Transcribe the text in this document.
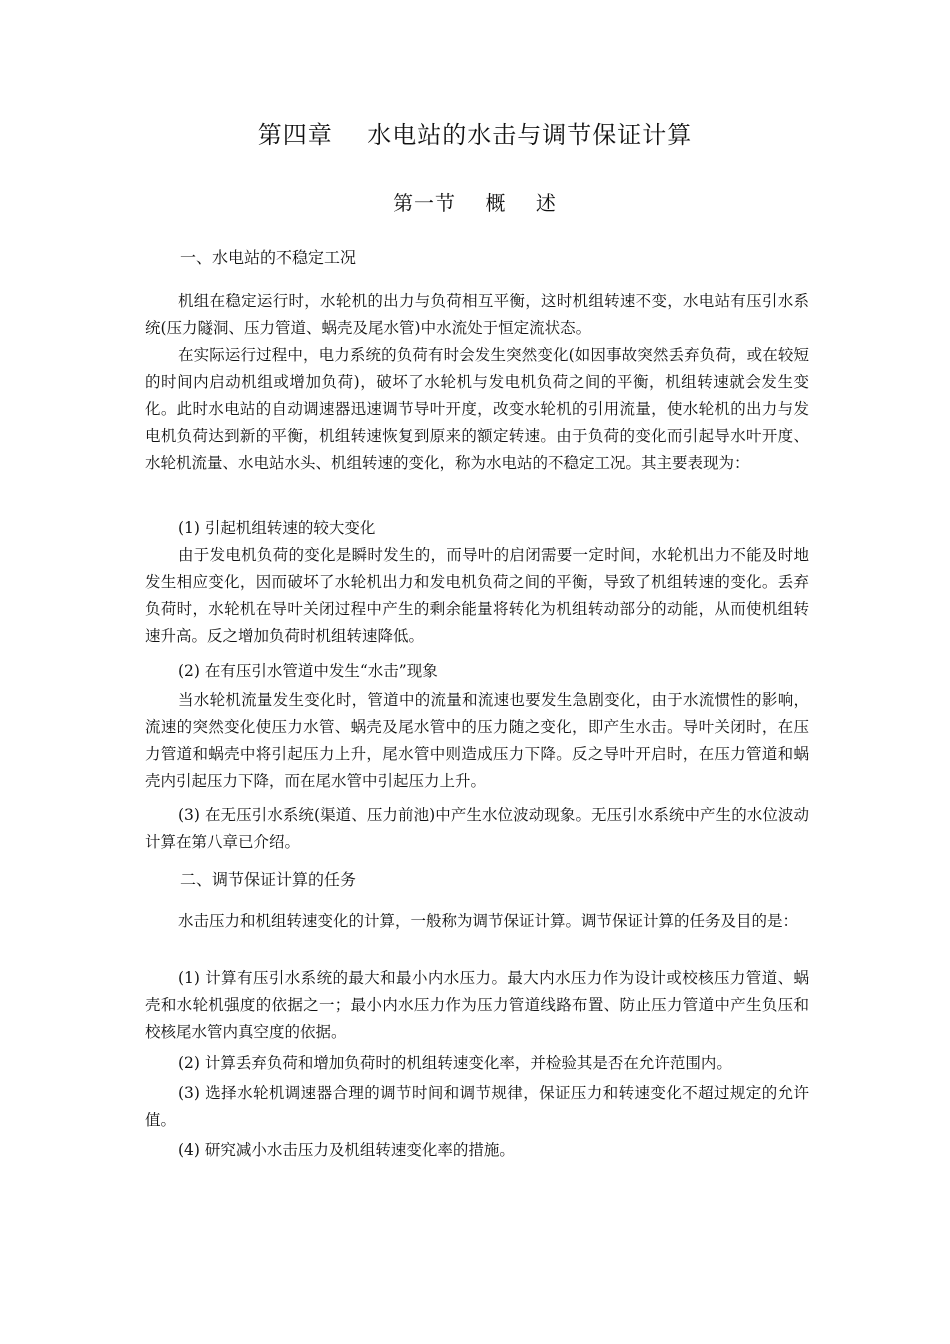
第四章    水电站的水击与调节保证计算
第一节    概    述
一、水电站的不稳定工况
机组在稳定运行时，水轮机的出力与负荷相互平衡，这时机组转速不变，水电站有压引水系统(压力隧洞、压力管道、蜗壳及尾水管)中水流处于恒定流状态。
在实际运行过程中，电力系统的负荷有时会发生突然变化(如因事故突然丢弃负荷，或在较短的时间内启动机组或增加负荷)，破坏了水轮机与发电机负荷之间的平衡，机组转速就会发生变化。此时水电站的自动调速器迅速调节导叶开度，改变水轮机的引用流量，使水轮机的出力与发电机负荷达到新的平衡，机组转速恢复到原来的额定转速。由于负荷的变化而引起导水叶开度、水轮机流量、水电站水头、机组转速的变化，称为水电站的不稳定工况。其主要表现为：
(1) 引起机组转速的较大变化
由于发电机负荷的变化是瞬时发生的，而导叶的启闭需要一定时间，水轮机出力不能及时地发生相应变化，因而破坏了水轮机出力和发电机负荷之间的平衡，导致了机组转速的变化。丢弃负荷时，水轮机在导叶关闭过程中产生的剩余能量将转化为机组转动部分的动能，从而使机组转速升高。反之增加负荷时机组转速降低。
(2) 在有压引水管道中发生“水击”现象
当水轮机流量发生变化时，管道中的流量和流速也要发生急剧变化，由于水流惯性的影响，流速的突然变化使压力水管、蜗壳及尾水管中的压力随之变化，即产生水击。导叶关闭时，在压力管道和蜗壳中将引起压力上升，尾水管中则造成压力下降。反之导叶开启时，在压力管道和蜗壳内引起压力下降，而在尾水管中引起压力上升。
(3) 在无压引水系统(渠道、压力前池)中产生水位波动现象。无压引水系统中产生的水位波动计算在第八章已介绍。
二、调节保证计算的任务
水击压力和机组转速变化的计算，一般称为调节保证计算。调节保证计算的任务及目的是：
(1) 计算有压引水系统的最大和最小内水压力。最大内水压力作为设计或校核压力管道、蜗壳和水轮机强度的依据之一；最小内水压力作为压力管道线路布置、防止压力管道中产生负压和校核尾水管内真空度的依据。
(2) 计算丢弃负荷和增加负荷时的机组转速变化率，并检验其是否在允许范围内。
(3) 选择水轮机调速器合理的调节时间和调节规律，保证压力和转速变化不超过规定的允许值。
(4) 研究减小水击压力及机组转速变化率的措施。
